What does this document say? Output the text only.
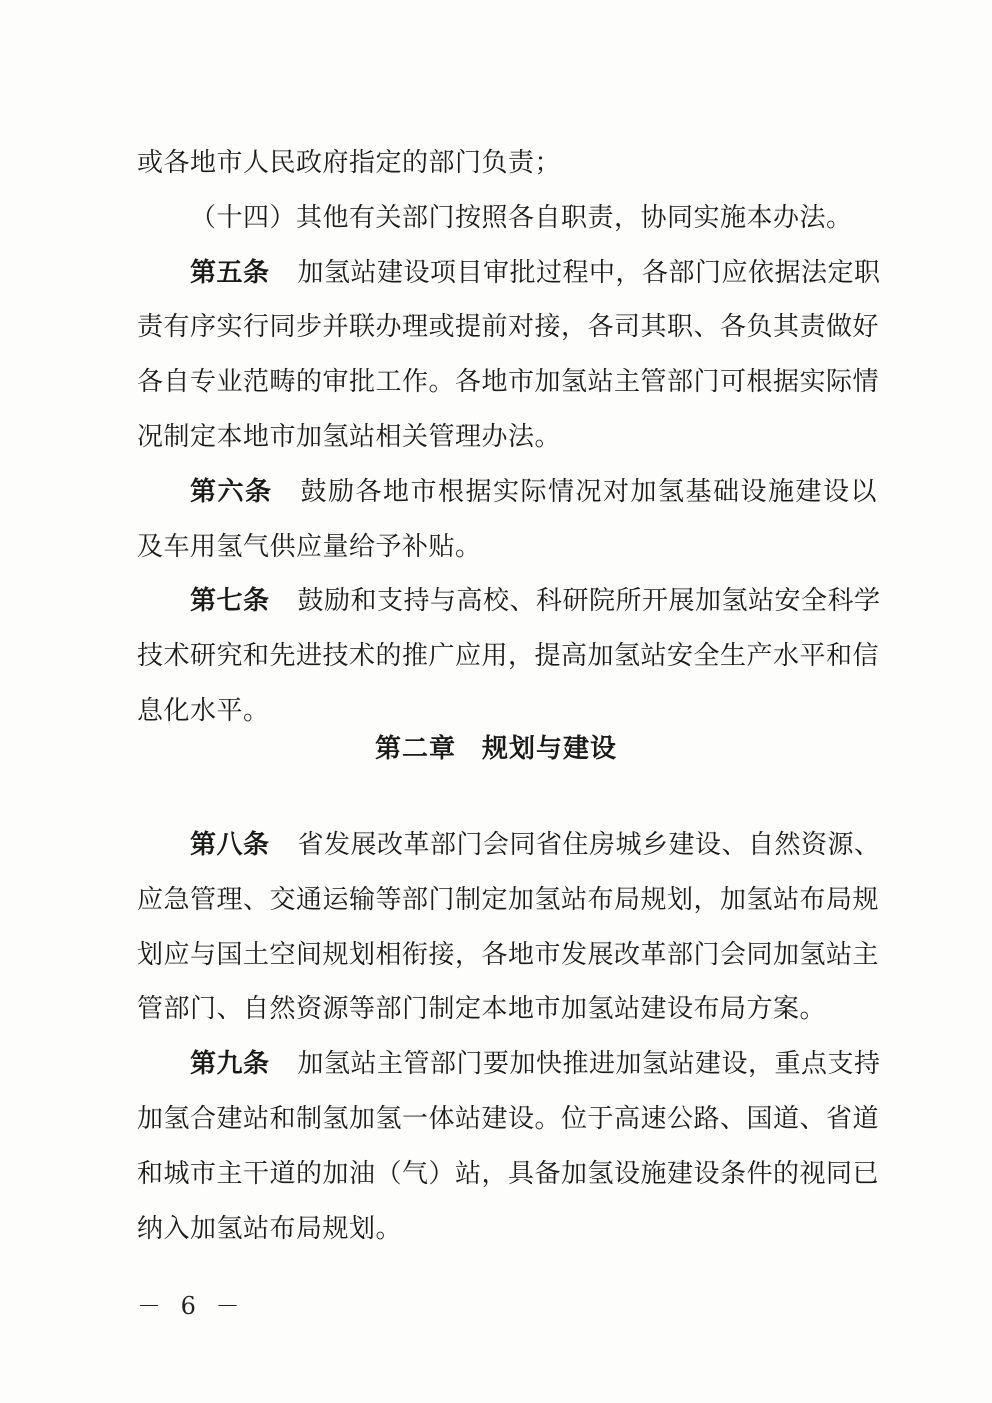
或各地市人民政府指定的部门负责；
（十四）其他有关部门按照各自职责，协同实施本办法。
第五条 加氢站建设项目审批过程中，各部门应依据法定职
责有序实行同步并联办理或提前对接，各司其职、各负其责做好
各自专业范畴的审批工作。各地市加氢站主管部门可根据实际情
况制定本地市加氢站相关管理办法。
第六条 鼓励各地市根据实际情况对加氢基础设施建设以
及车用氢气供应量给予补贴。
第七条 鼓励和支持与高校、科研院所开展加氢站安全科学
技术研究和先进技术的推广应用，提高加氢站安全生产水平和信
息化水平。
第二章 规划与建设
第八条 省发展改革部门会同省住房城乡建设、自然资源、
应急管理、交通运输等部门制定加氢站布局规划，加氢站布局规
划应与国土空间规划相衔接，各地市发展改革部门会同加氢站主
管部门、自然资源等部门制定本地市加氢站建设布局方案。
第九条 加氢站主管部门要加快推进加氢站建设，重点支持
加氢合建站和制氢加氢一体站建设。位于高速公路、国道、省道
和城市主干道的加油（气）站，具备加氢设施建设条件的视同已
纳入加氢站布局规划。
－ 6 －
